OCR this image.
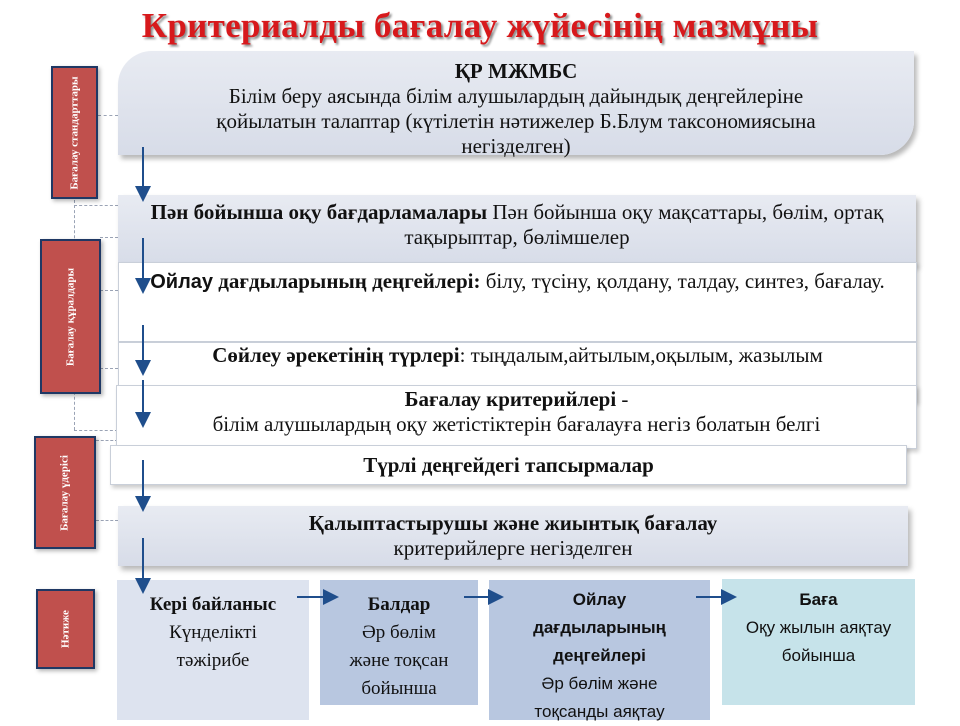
Критериалды бағалау жүйесінің мазмұны
Бағалау стандарттары
Бағалау құралдары
Бағалау үдерісі
Нәтиже
ҚР МЖМБС
Білім беру аясында білім алушылардың дайындық деңгейлеріне қойылатын талаптар (күтілетін нәтижелер Б.Блум таксономиясына негізделген)
Пән бойынша оқу бағдарламалары Пән бойынша оқу мақсаттары, бөлім, ортақ тақырыптар, бөлімшелер
Ойлау дағдыларының деңгейлері: білу, түсіну, қолдану, талдау, синтез, бағалау.
Сөйлеу әрекетінің түрлері: тыңдалым,айтылым,оқылым, жазылым
Бағалау критерийлері -
білім алушылардың оқу жетістіктерін бағалауға негіз болатын белгі
Түрлі деңгейдегі тапсырмалар
Қалыптастырушы және жиынтық бағалау
критерийлерге негізделген
Кері байланыс
Күнделікті тәжірибе
Балдар
Әр бөлім және тоқсан бойынша
Ойлау дағдыларының деңгейлері
Әр бөлім және тоқсанды аяқтау
Баға
Оқу жылын аяқтау бойынша
